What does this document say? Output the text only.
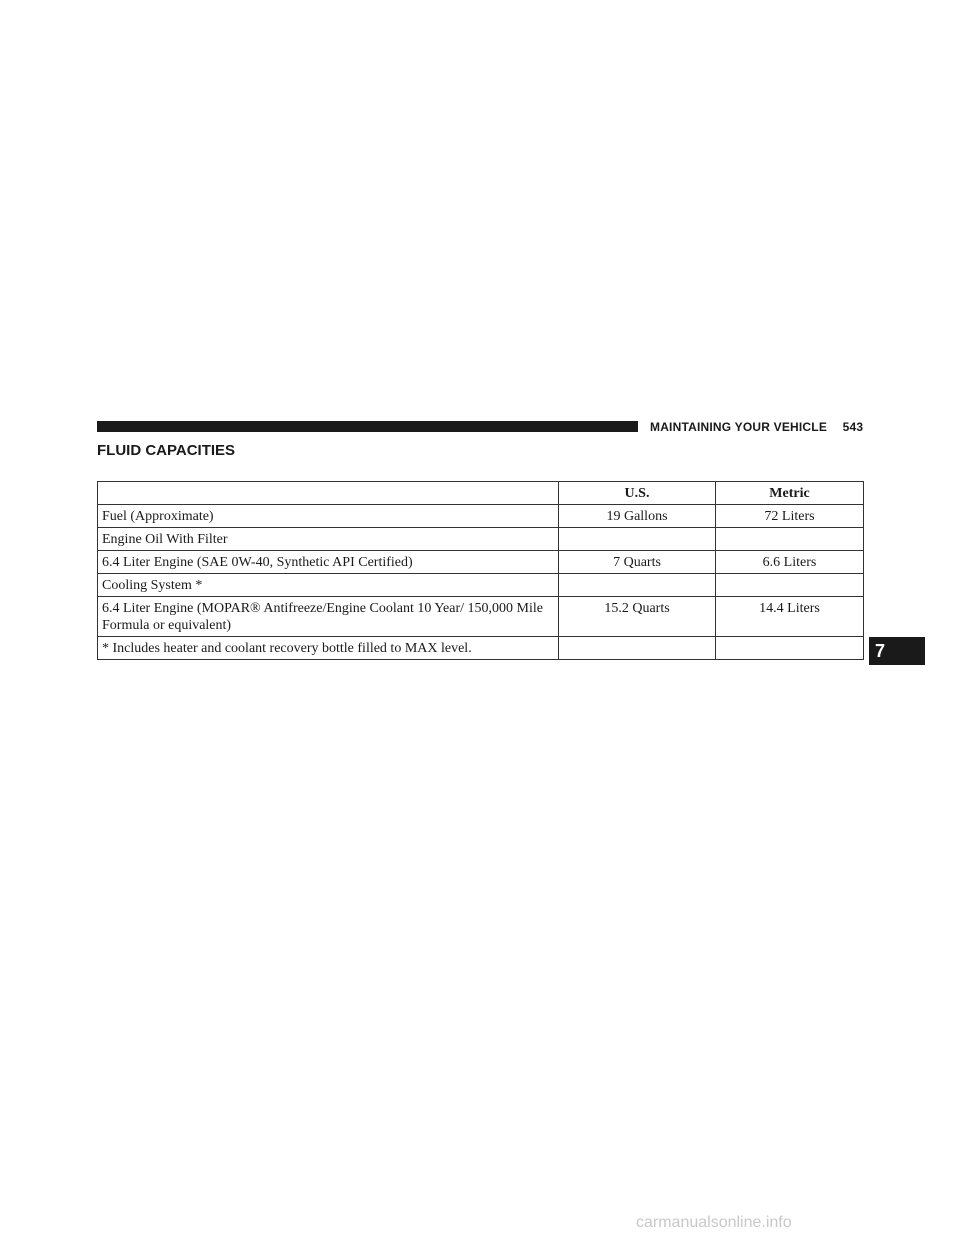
MAINTAINING YOUR VEHICLE 543
FLUID CAPACITIES
	U.S.	Metric
Fuel (Approximate)	19 Gallons	72 Liters
Engine Oil With Filter		
6.4 Liter Engine (SAE 0W-40, Synthetic API Certified)	7 Quarts	6.6 Liters
Cooling System *		
6.4 Liter Engine (MOPAR® Antifreeze/Engine Coolant 10 Year/ 150,000 Mile Formula or equivalent)	15.2 Quarts	14.4 Liters
* Includes heater and coolant recovery bottle filled to MAX level.			7
carmanualsonline.info
